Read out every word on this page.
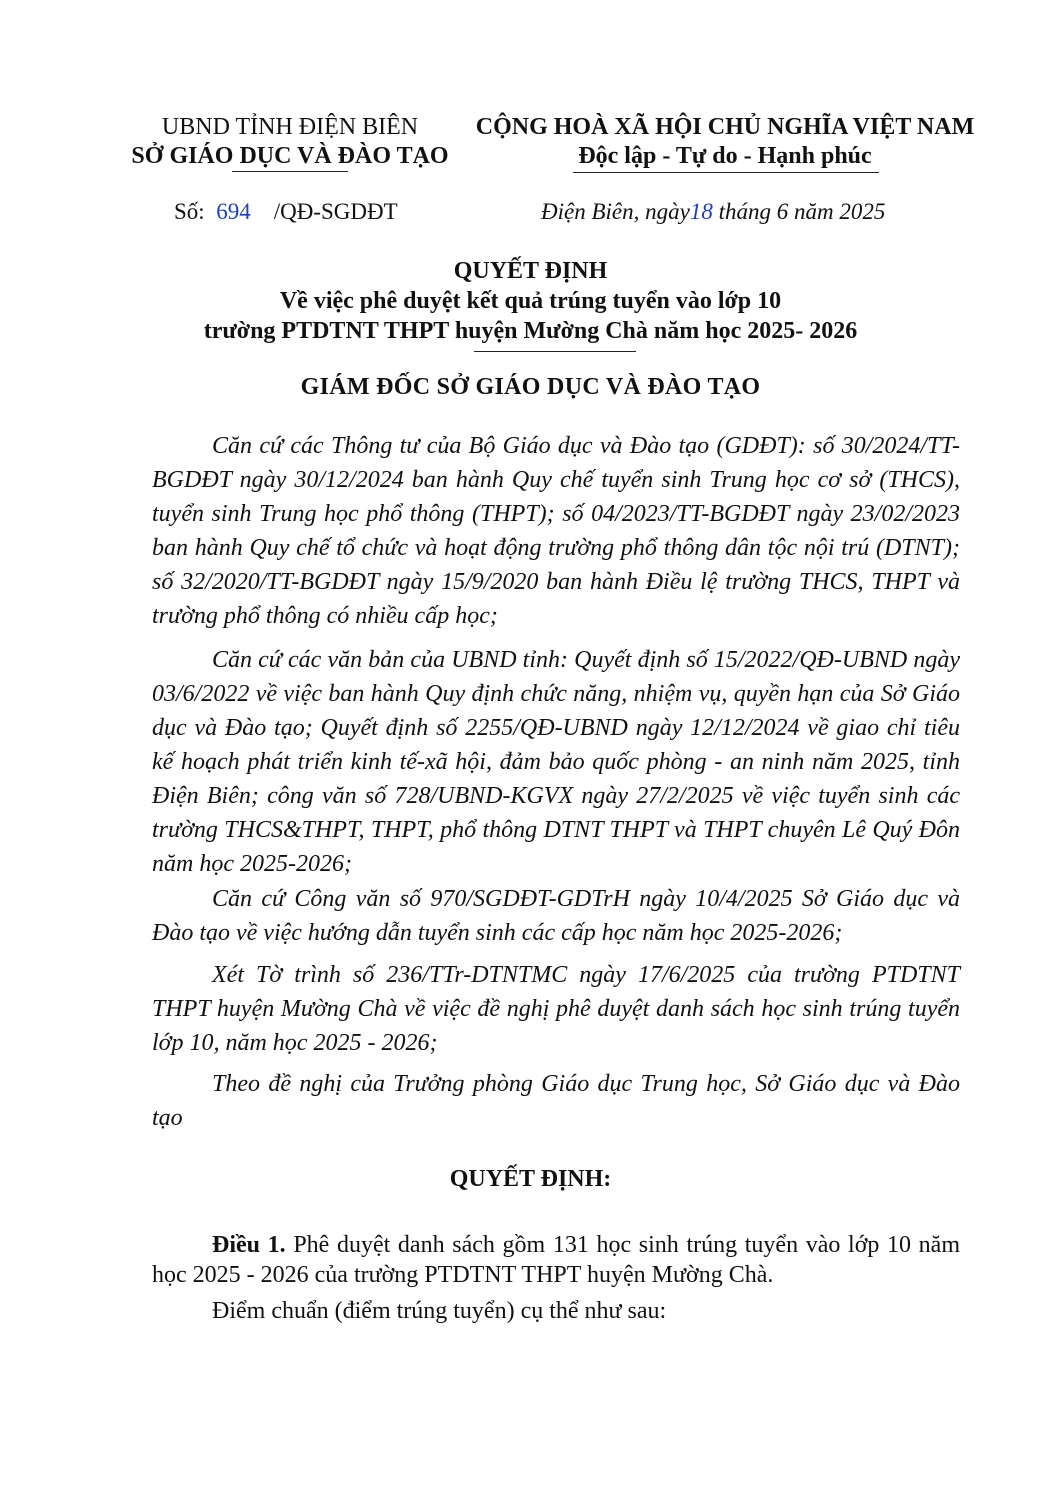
UBND TỈNH ĐIỆN BIÊN
SỞ GIÁO DỤC VÀ ĐÀO TẠO
CỘNG HOÀ XÃ HỘI CHỦ NGHĨA VIỆT NAM
Độc lập - Tự do - Hạnh phúc
Số: 694 /QĐ-SGDĐT	Điện Biên, ngày18 tháng 6 năm 2025
QUYẾT ĐỊNH
Về việc phê duyệt kết quả trúng tuyển vào lớp 10
trường PTDTNT THPT huyện Mường Chà năm học 2025- 2026
GIÁM ĐỐC SỞ GIÁO DỤC VÀ ĐÀO TẠO
Căn cứ các Thông tư của Bộ Giáo dục và Đào tạo (GDĐT): số 30/2024/TT-BGDĐT ngày 30/12/2024 ban hành Quy chế tuyển sinh Trung học cơ sở (THCS), tuyển sinh Trung học phổ thông (THPT); số 04/2023/TT-BGDĐT ngày 23/02/2023 ban hành Quy chế tổ chức và hoạt động trường phổ thông dân tộc nội trú (DTNT); số 32/2020/TT-BGDĐT ngày 15/9/2020 ban hành Điều lệ trường THCS, THPT và trường phổ thông có nhiều cấp học;
Căn cứ các văn bản của UBND tỉnh: Quyết định số 15/2022/QĐ-UBND ngày 03/6/2022 về việc ban hành Quy định chức năng, nhiệm vụ, quyền hạn của Sở Giáo dục và Đào tạo; Quyết định số 2255/QĐ-UBND ngày 12/12/2024 về giao chỉ tiêu kế hoạch phát triển kinh tế-xã hội, đảm bảo quốc phòng - an ninh năm 2025, tỉnh Điện Biên; công văn số 728/UBND-KGVX ngày 27/2/2025 về việc tuyển sinh các trường THCS&THPT, THPT, phổ thông DTNT THPT và THPT chuyên Lê Quý Đôn năm học 2025-2026;
Căn cứ Công văn số 970/SGDĐT-GDTrH ngày 10/4/2025 Sở Giáo dục và Đào tạo về việc hướng dẫn tuyển sinh các cấp học năm học 2025-2026;
Xét Tờ trình số 236/TTr-DTNTMC ngày 17/6/2025 của trường PTDTNT THPT huyện Mường Chà về việc đề nghị phê duyệt danh sách học sinh trúng tuyển lớp 10, năm học 2025 - 2026;
Theo đề nghị của Trưởng phòng Giáo dục Trung học, Sở Giáo dục và Đào tạo
QUYẾT ĐỊNH:
Điều 1. Phê duyệt danh sách gồm 131 học sinh trúng tuyển vào lớp 10 năm học 2025 - 2026 của trường PTDTNT THPT huyện Mường Chà.
Điểm chuẩn (điểm trúng tuyển) cụ thể như sau:
